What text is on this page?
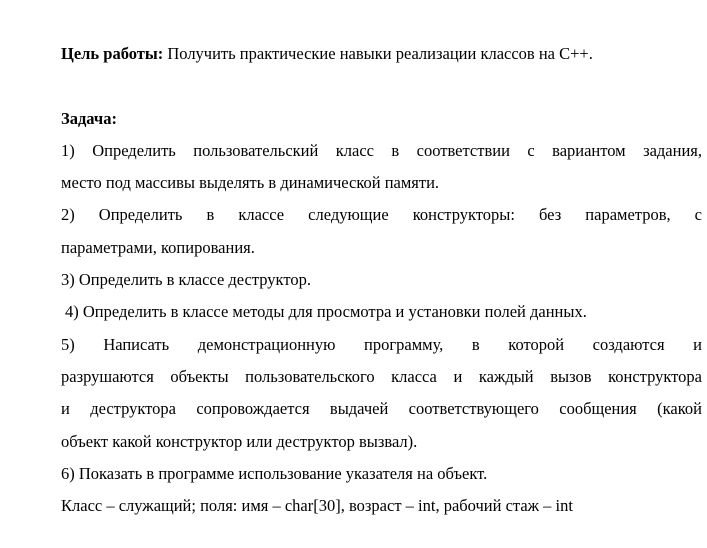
Цель работы: Получить практические навыки реализации классов на С++.
Задача:
1) Определить пользовательский класс в соответствии с вариантом задания,
место под массивы выделять в динамической памяти.
2) Определить в классе следующие конструкторы: без параметров, с
параметрами, копирования.
3) Определить в классе деструктор.
4) Определить в классе методы для просмотра и установки полей данных.
5) Написать демонстрационную программу, в которой создаются и
разрушаются объекты пользовательского класса и каждый вызов конструктора
и деструктора сопровождается выдачей соответствующего сообщения (какой
объект какой конструктор или деструктор вызвал).
6) Показать в программе использование указателя на объект.
Класс – служащий; поля: имя – char[30], возраст – int, рабочий стаж – int
